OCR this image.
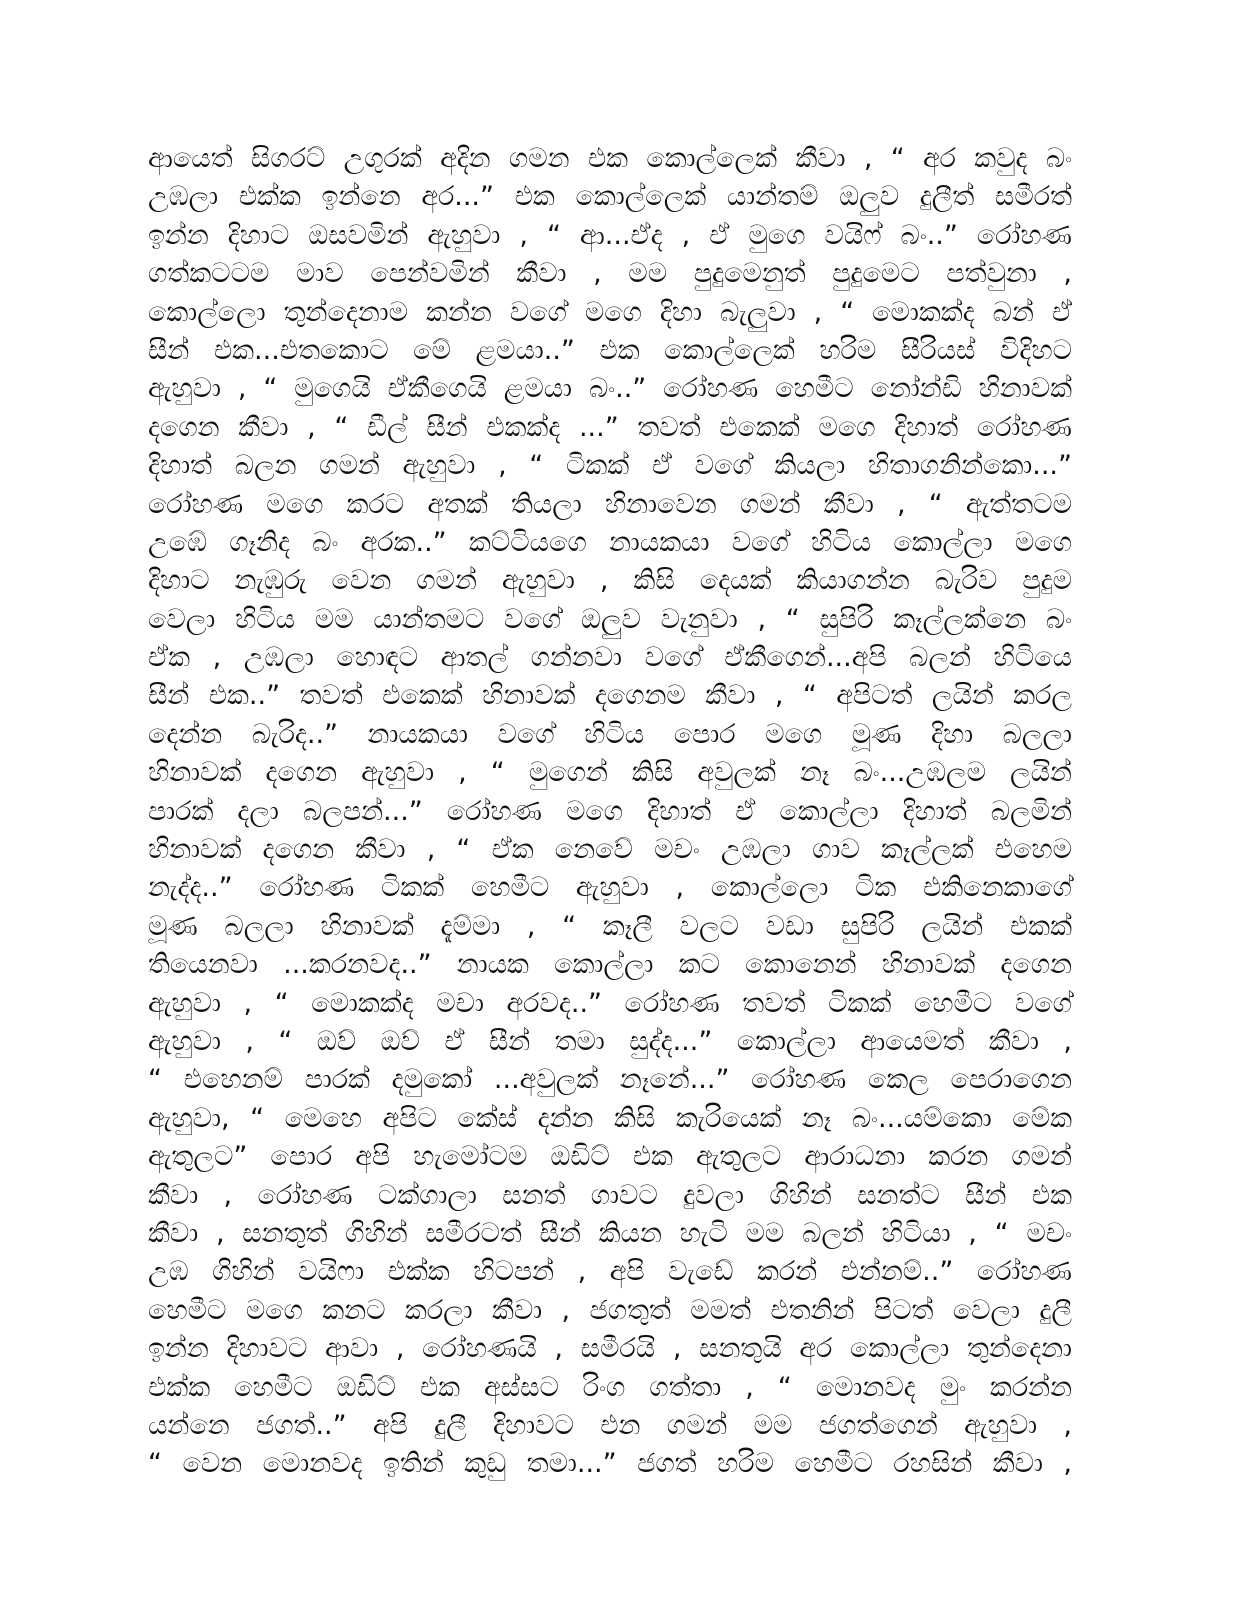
ආයෙත් සිගරට් උගුරක් අදින ගමන එක කොල්ලෙක් කීවා , “ අර කවුද බං
උඹලා එක්ක ඉන්නෙ අර...” එක කොල්ලෙක් යාන්තම් ඔලුව දුලීත් සමීරත්
ඉන්න දිහාට ඔසවමින් ඇහුවා , “ ආ...ඒද , ඒ මුගෙ වයිෆ් බං..” රෝහණ
ගත්කටටම මාව පෙන්වමින් කීවා , මම පුදුමෙනුත් පුදුමෙට පත්වුනා ,
කොල්ලො තුන්දෙනාම කන්න වගේ මගෙ දිහා බැලුවා , “ මොකක්ද බන් ඒ
සීන් එක...එතකොට මේ ළමයා..” එක කොල්ලෙක් හරිම සීරියස් විදිහට
ඇහුවා , “ මුගෙයි ඒකීගෙයි ළමයා බං..” රෝහණ හෙමීට නෝන්ඩි හිනාවක්
දගෙන කීවා , “ ඩීල් සීන් එකක්ද ...” තවත් එකෙක් මගෙ දිහාත් රෝහණ
දිහාත් බලන ගමන් ඇහුවා , “ ටිකක් ඒ වගේ කියලා හිතාගනින්කො...”
රෝහණ මගෙ කරට අතක් තියලා හිනාවෙන ගමන් කීවා , “ ඇත්තටම
උඹේ ගෑනිද බං අරක..” කට්ටියගෙ නායකයා වගේ හිටිය කොල්ලා මගෙ
දිහාට නැඹුරු වෙන ගමන් ඇහුවා , කිසි දෙයක් කියාගන්න බැරිව පුදුම
වෙලා හිටිය මම යාන්තමට වගේ ඔලුව වැනුවා , “ සුපිරි කෑල්ලක්නෙ බං
ඒක , උඹලා හොඳට ආතල් ගන්නවා වගේ ඒකීගෙන්...අපි බලන් හිටියෙ
සීන් එක..” තවත් එකෙක් හිනාවක් දගෙනම කීවා , “ අපිටත් ලයින් කරල
දෙන්න බැරිද..” නායකයා වගේ හිටිය පොර මගෙ මූණ දිහා බලලා
හිනාවක් දගෙන ඇහුවා , “ මුගෙන් කිසි අවුලක් නෑ බං...උඹලම ලයින්
පාරක් දලා බලපන්...” රෝහණ මගෙ දිහාත් ඒ කොල්ලා දිහාත් බලමින්
හිනාවක් දගෙන කීවා , “ ඒක නෙවේ මචං උඹලා ගාව කෑල්ලක් එහෙම
නැද්ද..” රෝහණ ටිකක් හෙමීට ඇහුවා , කොල්ලො ටික එකිනෙකාගේ
මූණ බලලා හිනාවක් දැම්මා , “ කෑලී වලට වඩා සුපිරි ලයින් එකක්
තියෙනවා ...කරනවද..” නායක කොල්ලා කට කොනෙන් හිනාවක් දගෙන
ඇහුවා , “ මොකක්ද මචා අරවද..” රෝහණ තවත් ටිකක් හෙමීට වගේ
ඇහුවා , “ ඔව් ඔව් ඒ සීන් තමා සුද්ද...” කොල්ලා ආයෙමත් කීවා ,
“ එහෙනම් පාරක් දමුකෝ ...අවුලක් නෑනේ...” රෝහණ කෙල පෙරාගෙන
ඇහුවා, “ මෙහෙ අපිට කේස් දන්න කිසි කැරියෙක් නෑ බං...යම්කො මේක
ඇතුලට” පොර අපි හැමෝටම ඔඩිට් එක ඇතුලට ආරාධනා කරන ගමන්
කීවා , රෝහණ ටක්ගාලා සනත් ගාවට දුවලා ගිහින් සනත්ට සීන් එක
කීවා , සනතුත් ගිහින් සමීරටත් සීන් කියන හැටි මම බලන් හිටියා , “ මචං
උඹ ගිහින් වයිෆා එක්ක හිටපන් , අපි වැඩේ කරන් එන්නම්..” රෝහණ
හෙමීට මගෙ කනට කරලා කීවා , ජගතුත් මමත් එතනින් පිටත් වෙලා දුලී
ඉන්න දිහාවට ආවා , රෝහණයි , සමීරයි , සනතුයි අර කොල්ලා තුන්දෙනා
එක්ක හෙමීට ඔඩිට් එක අස්සට රිංග ගත්තා , “ මොනවද මුං කරන්න
යන්නෙ ජගත්..” අපි දුලී දිහාවට එන ගමන් මම ජගත්ගෙන් ඇහුවා ,
“ වෙන මොනවද ඉතින් කුඩු තමා...” ජගත් හරිම හෙමීට රහසින් කීවා ,
